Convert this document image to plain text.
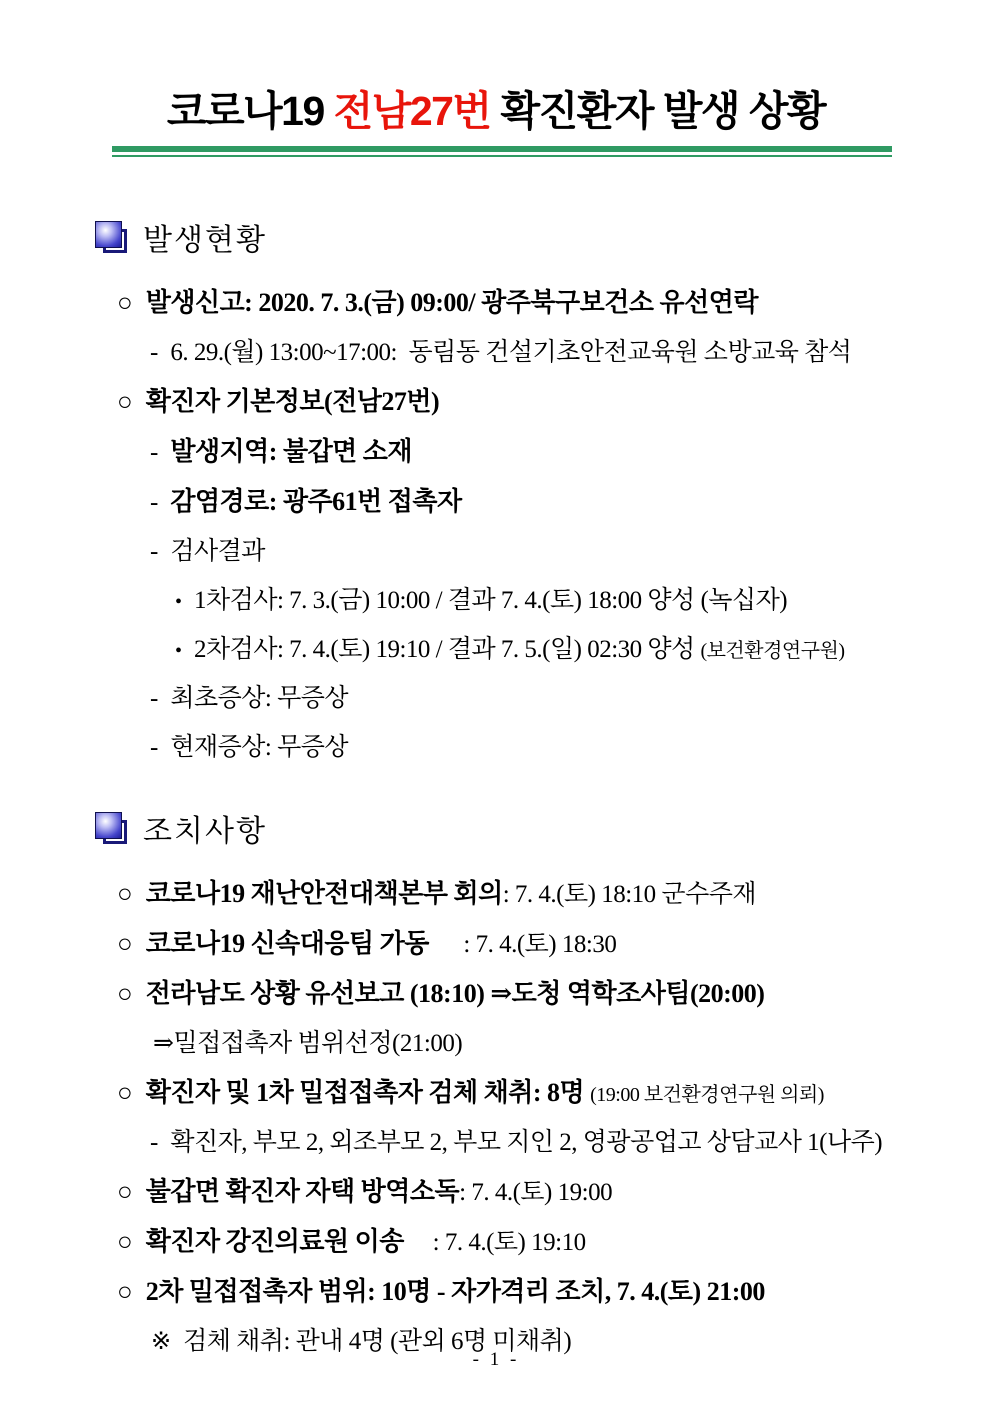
코로나19 전남27번 확진환자 발생 상황
발생현황
○ 발생신고: 2020. 7. 3.(금) 09:00/ 광주북구보건소 유선연락
- 6. 29.(월) 13:00~17:00:  동림동 건설기초안전교육원 소방교육 참석
○ 확진자 기본정보(전남27번)
- 발생지역: 불갑면 소재
- 감염경로: 광주61번 접촉자
- 검사결과
• 1차검사: 7. 3.(금) 10:00 / 결과 7. 4.(토) 18:00 양성 (녹십자)
• 2차검사: 7. 4.(토) 19:10 / 결과 7. 5.(일) 02:30 양성 (보건환경연구원)
- 최초증상: 무증상
- 현재증상: 무증상
조치사항
○ 코로나19 재난안전대책본부 회의: 7. 4.(토) 18:10 군수주재
○ 코로나19 신속대응팀 가동      : 7. 4.(토) 18:30
○ 전라남도 상황 유선보고 (18:10) ⇒도청 역학조사팀(20:00)
⇒밀접접촉자 범위선정(21:00)
○ 확진자 및 1차 밀접접촉자 검체 채취: 8명 (19:00 보건환경연구원 의뢰)
- 확진자, 부모 2, 외조부모 2, 부모 지인 2, 영광공업고 상담교사 1(나주)
○ 불갑면 확진자 자택 방역소독: 7. 4.(토) 19:00
○ 확진자 강진의료원 이송     : 7. 4.(토) 19:10
○ 2차 밀접접촉자 범위: 10명 - 자가격리 조치, 7. 4.(토) 21:00
※ 검체 채취: 관내 4명 (관외 6명 미채취)
- 1 -
